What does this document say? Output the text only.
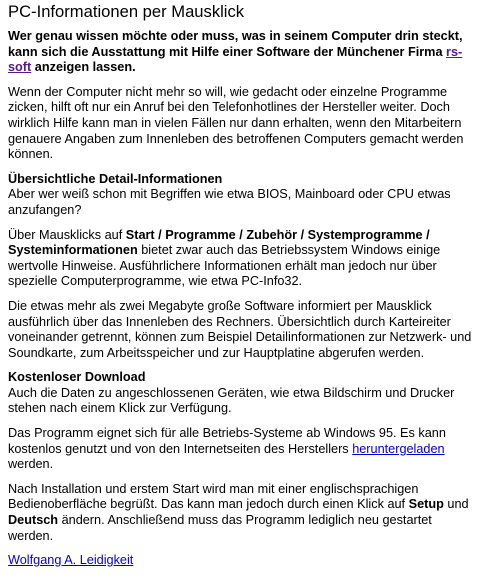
PC-Informationen per Mausklick

Wer genau wissen möchte oder muss, was in seinem Computer drin steckt, kann sich die Ausstattung mit Hilfe einer Software der Münchener Firma rs-soft anzeigen lassen.

Wenn der Computer nicht mehr so will, wie gedacht oder einzelne Programme zicken, hilft oft nur ein Anruf bei den Telefonhotlines der Hersteller weiter. Doch wirklich Hilfe kann man in vielen Fällen nur dann erhalten, wenn den Mitarbeitern genauere Angaben zum Innenleben des betroffenen Computers gemacht werden können.

Übersichtliche Detail-Informationen
Aber wer weiß schon mit Begriffen wie etwa BIOS, Mainboard oder CPU etwas anzufangen?

Über Mausklicks auf Start / Programme / Zubehör / Systemprogramme / Systeminformationen bietet zwar auch das Betriebssystem Windows einige wertvolle Hinweise. Ausführlichere Informationen erhält man jedoch nur über spezielle Computerprogramme, wie etwa PC-Info32.

Die etwas mehr als zwei Megabyte große Software informiert per Mausklick ausführlich über das Innenleben des Rechners. Übersichtlich durch Karteireiter voneinander getrennt, können zum Beispiel Detailinformationen zur Netzwerk- und Soundkarte, zum Arbeitsspeicher und zur Hauptplatine abgerufen werden.

Kostenloser Download
Auch die Daten zu angeschlossenen Geräten, wie etwa Bildschirm und Drucker stehen nach einem Klick zur Verfügung.

Das Programm eignet sich für alle Betriebs-Systeme ab Windows 95. Es kann kostenlos genutzt und von den Internetseiten des Herstellers heruntergeladen werden.

Nach Installation und erstem Start wird man mit einer englischsprachigen Bedienoberfläche begrüßt. Das kann man jedoch durch einen Klick auf Setup und Deutsch ändern. Anschließend muss das Programm lediglich neu gestartet werden.

Wolfgang A. Leidigkeit
